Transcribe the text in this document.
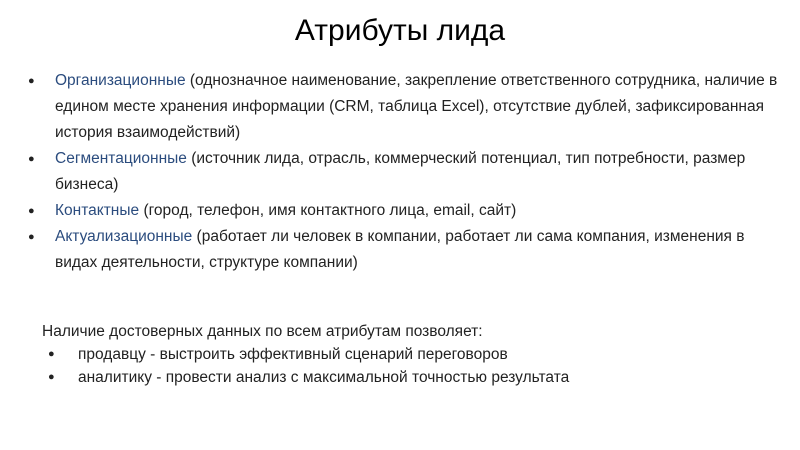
Атрибуты лида
● Организационные (однозначное наименование, закрепление ответственного сотрудника, наличие в едином месте хранения информации (CRM, таблица Excel), отсутствие дублей, зафиксированная история взаимодействий)
● Сегментационные (источник лида, отрасль, коммерческий потенциал, тип потребности, размер бизнеса)
● Контактные (город, телефон, имя контактного лица, email, сайт)
● Актуализационные (работает ли человек в компании, работает ли сама компания, изменения в видах деятельности, структуре компании)
Наличие достоверных данных по всем атрибутам позволяет:
● продавцу - выстроить эффективный сценарий переговоров
● аналитику - провести анализ с максимальной точностью результата
